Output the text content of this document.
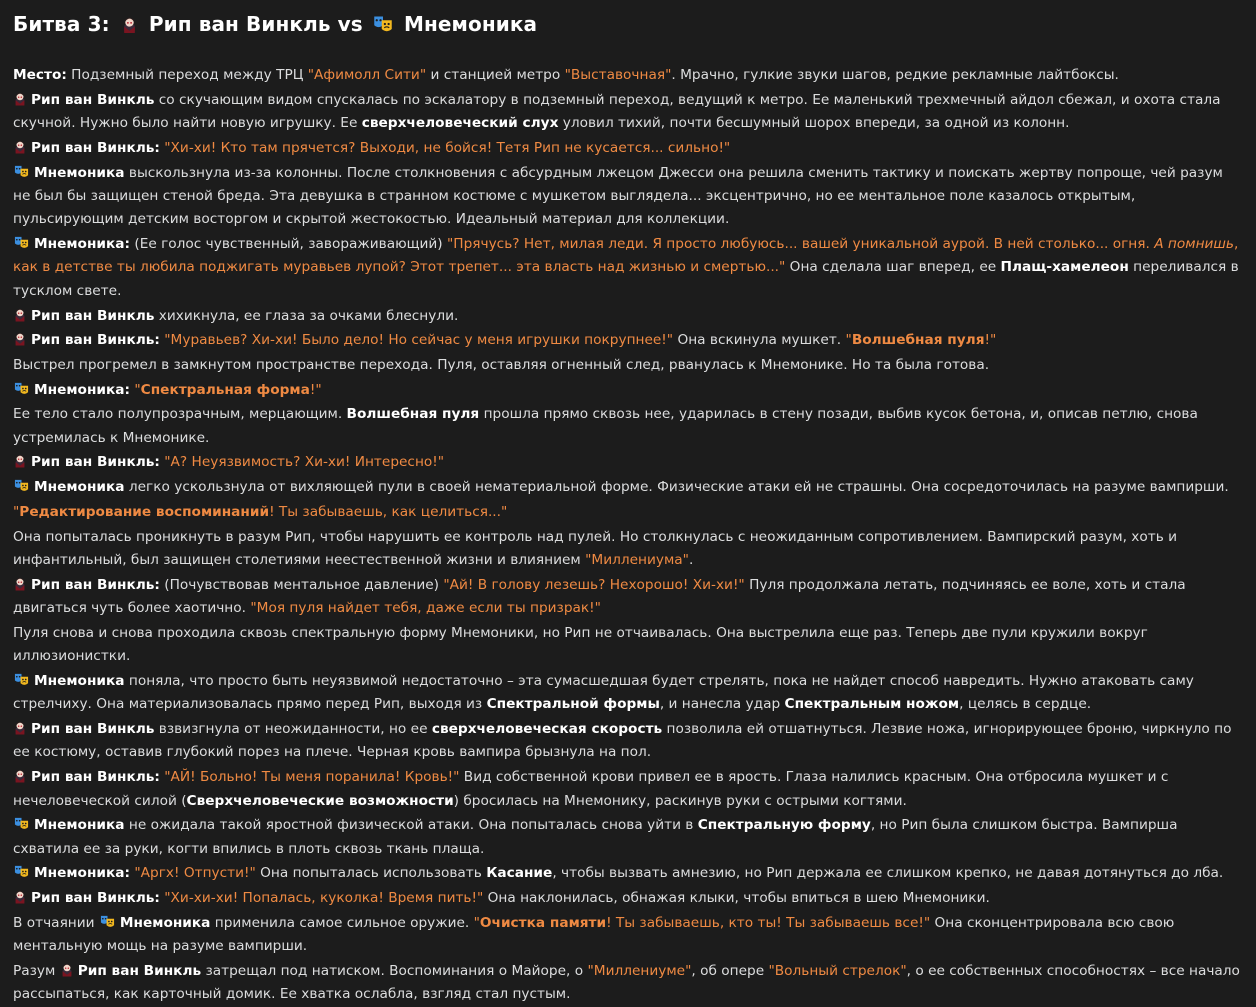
Битва 3: Рип ван Винкль vs Мнемоника
Место: Подземный переход между ТРЦ "Афимолл Сити" и станцией метро "Выставочная". Мрачно, гулкие звуки шагов, редкие рекламные лайтбоксы.
Рип ван Винкль со скучающим видом спускалась по эскалатору в подземный переход, ведущий к метро. Ее маленький трехмечный айдол сбежал, и охота стала скучной. Нужно было найти новую игрушку. Ее сверхчеловеческий слух уловил тихий, почти бесшумный шорох впереди, за одной из колонн.
Рип ван Винкль: "Хи-хи! Кто там прячется? Выходи, не бойся! Тетя Рип не кусается... сильно!"
Мнемоника выскользнула из-за колонны. После столкновения с абсурдным лжецом Джесси она решила сменить тактику и поискать жертву попроще, чей разум не был бы защищен стеной бреда. Эта девушка в странном костюме с мушкетом выглядела... эксцентрично, но ее ментальное поле казалось открытым, пульсирующим детским восторгом и скрытой жестокостью. Идеальный материал для коллекции.
Мнемоника: (Ее голос чувственный, завораживающий) "Прячусь? Нет, милая леди. Я просто любуюсь... вашей уникальной аурой. В ней столько... огня. А помнишь, как в детстве ты любила поджигать муравьев лупой? Этот трепет... эта власть над жизнью и смертью..." Она сделала шаг вперед, ее Плащ-хамелеон переливался в тусклом свете.
Рип ван Винкль хихикнула, ее глаза за очками блеснули.
Рип ван Винкль: "Муравьев? Хи-хи! Было дело! Но сейчас у меня игрушки покрупнее!" Она вскинула мушкет. "Волшебная пуля!"
Выстрел прогремел в замкнутом пространстве перехода. Пуля, оставляя огненный след, рванулась к Мнемонике. Но та была готова.
Мнемоника: "Спектральная форма!"
Ее тело стало полупрозрачным, мерцающим. Волшебная пуля прошла прямо сквозь нее, ударилась в стену позади, выбив кусок бетона, и, описав петлю, снова устремилась к Мнемонике.
Рип ван Винкль: "А? Неуязвимость? Хи-хи! Интересно!"
Мнемоника легко ускользнула от вихляющей пули в своей нематериальной форме. Физические атаки ей не страшны. Она сосредоточилась на разуме вампирши.
"Редактирование воспоминаний! Ты забываешь, как целиться..."
Она попыталась проникнуть в разум Рип, чтобы нарушить ее контроль над пулей. Но столкнулась с неожиданным сопротивлением. Вампирский разум, хоть и инфантильный, был защищен столетиями неестественной жизни и влиянием "Миллениума".
Рип ван Винкль: (Почувствовав ментальное давление) "Ай! В голову лезешь? Нехорошо! Хи-хи!" Пуля продолжала летать, подчиняясь ее воле, хоть и стала двигаться чуть более хаотично. "Моя пуля найдет тебя, даже если ты призрак!"
Пуля снова и снова проходила сквозь спектральную форму Мнемоники, но Рип не отчаивалась. Она выстрелила еще раз. Теперь две пули кружили вокруг иллюзионистки.
Мнемоника поняла, что просто быть неуязвимой недостаточно – эта сумасшедшая будет стрелять, пока не найдет способ навредить. Нужно атаковать саму стрелчиху. Она материализовалась прямо перед Рип, выходя из Спектральной формы, и нанесла удар Спектральным ножом, целясь в сердце.
Рип ван Винкль взвизгнула от неожиданности, но ее сверхчеловеческая скорость позволила ей отшатнуться. Лезвие ножа, игнорирующее броню, чиркнуло по ее костюму, оставив глубокий порез на плече. Черная кровь вампира брызнула на пол.
Рип ван Винкль: "АЙ! Больно! Ты меня поранила! Кровь!" Вид собственной крови привел ее в ярость. Глаза налились красным. Она отбросила мушкет и с нечеловеческой силой (Сверхчеловеческие возможности) бросилась на Мнемонику, раскинув руки с острыми когтями.
Мнемоника не ожидала такой яростной физической атаки. Она попыталась снова уйти в Спектральную форму, но Рип была слишком быстра. Вампирша схватила ее за руки, когти впились в плоть сквозь ткань плаща.
Мнемоника: "Аргх! Отпусти!" Она попыталась использовать Касание, чтобы вызвать амнезию, но Рип держала ее слишком крепко, не давая дотянуться до лба.
Рип ван Винкль: "Хи-хи-хи! Попалась, куколка! Время пить!" Она наклонилась, обнажая клыки, чтобы впиться в шею Мнемоники.
В отчаянии Мнемоника применила самое сильное оружие. "Очистка памяти! Ты забываешь, кто ты! Ты забываешь все!" Она сконцентрировала всю свою ментальную мощь на разуме вампирши.
Разум Рип ван Винкль затрещал под натиском. Воспоминания о Майоре, о "Миллениуме", об опере "Вольный стрелок", о ее собственных способностях – все начало рассыпаться, как карточный домик. Ее хватка ослабла, взгляд стал пустым.
